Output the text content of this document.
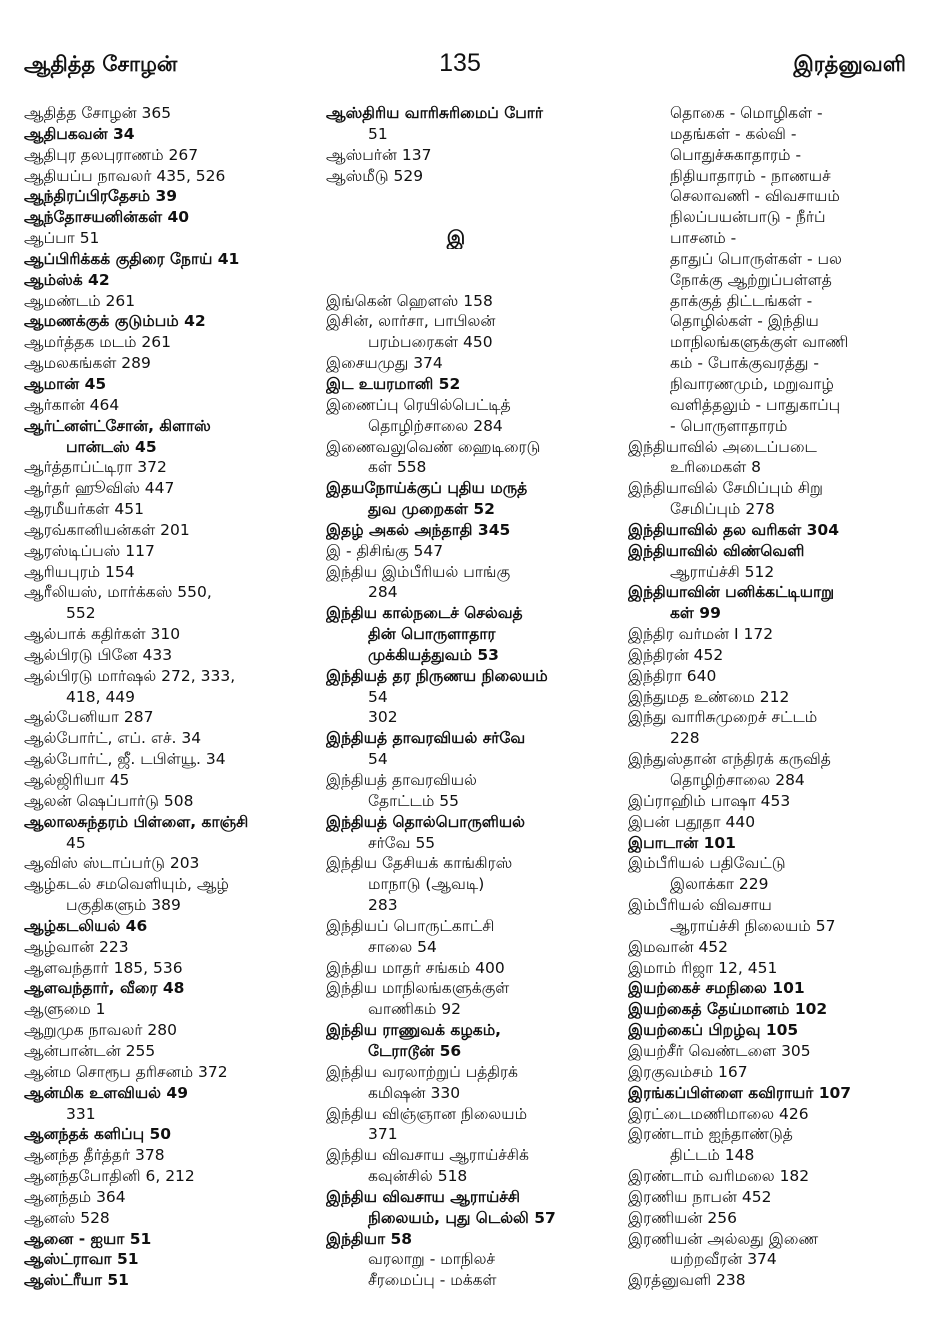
ஆதித்த சோழன்	135	இரத்னுவளி
ஆதித்த சோழன் 365
ஆதிபகவன் 34
ஆதிபுர தலபுராணம் 267
ஆதியப்ப நாவலர் 435, 526
ஆந்திரப்பிரதேசம் 39
ஆந்தோசயனின்கள் 40
ஆப்பா 51
ஆப்பிரிக்கக் குதிரை நோய் 41
ஆம்ஸ்க் 42
ஆமண்டம் 261
ஆமணக்குக் குடும்பம் 42
ஆமர்த்தக மடம் 261
ஆமலகங்கள் 289
ஆமான் 45
ஆர்கான் 464
ஆர்ட்னள்ட்சோன், கிளாஸ்
பான்டஸ் 45
ஆர்த்தாப்ட்டிரா 372
ஆர்தர் ஹூவிஸ் 447
ஆரமீயர்கள் 451
ஆரவ்கானியன்கள் 201
ஆரஸ்டிப்பஸ் 117
ஆரியபுரம் 154
ஆரீலியஸ், மார்க்கஸ் 550,
552
ஆல்பாக் கதிர்கள் 310
ஆல்பிரடு பினே 433
ஆல்பிரடு மார்ஷல் 272, 333,
418, 449
ஆல்பேனியா 287
ஆல்போர்ட், எப். எச். 34
ஆல்போர்ட், ஜீ. டபிள்யூ. 34
ஆல்ஜிரியா 45
ஆலன் ஷெப்பார்டு 508
ஆலாலசுந்தரம் பிள்ளை, காஞ்சி
45
ஆவிஸ் ஸ்டாப்பர்டு 203
ஆழ்கடல் சமவெளியும், ஆழ்
பகுதிகளும் 389
ஆழ்கடலியல் 46
ஆழ்வான் 223
ஆளவந்தார் 185, 536
ஆளவந்தார், வீரை 48
ஆளுமை 1
ஆறுமுக நாவலர் 280
ஆன்பான்டன் 255
ஆன்ம சொரூப தரிசனம் 372
ஆன்மிக உளவியல் 49
331
ஆனந்தக் களிப்பு 50
ஆனந்த தீர்த்தர் 378
ஆனந்தபோதினி 6, 212
ஆனந்தம் 364
ஆனஸ் 528
ஆனை - ஐயா 51
ஆஸ்ட்ராவா 51
ஆஸ்ட்ரீயா 51
ஆஸ்திரிய வாரிசுரிமைப் போர்
51
ஆஸ்பர்ன் 137
ஆஸ்மீடு 529
இ
இங்கென் ஹௌஸ் 158
இசின், லார்சா, பாபிலன்
பரம்பரைகள் 450
இசையமுது 374
இட உயரமானி 52
இணைப்பு ரெயில்பெட்டித்
தொழிற்சாலை 284
இணைவலுவெண் ஹைடிரைடு
கள் 558
இதயநோய்க்குப் புதிய மருத்
துவ முறைகள் 52
இதழ் அகல் அந்தாதி 345
இ - திசிங்கு 547
இந்திய இம்பீரியல் பாங்கு
284
இந்திய கால்நடைச் செல்வத்
தின் பொருளாதார
முக்கியத்துவம் 53
இந்தியத் தர நிருணய நிலையம்
54
302
இந்தியத் தாவரவியல் சர்வே
54
இந்தியத் தாவரவியல்
தோட்டம் 55
இந்தியத் தொல்பொருளியல்
சர்வே 55
இந்திய தேசியக் காங்கிரஸ்
மாநாடு (ஆவடி)
283
இந்தியப் பொருட்காட்சி
சாலை 54
இந்திய மாதர் சங்கம் 400
இந்திய மாநிலங்களுக்குள்
வாணிகம் 92
இந்திய ராணுவக் கழகம்,
டேராடூன் 56
இந்திய வரலாற்றுப் பத்திரக்
கமிஷன் 330
இந்திய விஞ்ஞான நிலையம்
371
இந்திய விவசாய ஆராய்ச்சிக்
கவுன்சில் 518
இந்திய விவசாய ஆராய்ச்சி
நிலையம், புது டெல்லி 57
இந்தியா 58
வரலாறு - மாநிலச்
சீரமைப்பு - மக்கள்
தொகை - மொழிகள் -
மதங்கள் - கல்வி -
பொதுச்சுகாதாரம் -
நிதியாதாரம் - நாணயச்
செலாவணி - விவசாயம்
நிலப்பயன்பாடு - நீர்ப்
பாசனம் -
தாதுப் பொருள்கள் - பல
நோக்கு ஆற்றுப்பள்ளத்
தாக்குத் திட்டங்கள் -
தொழில்கள் - இந்திய
மாநிலங்களுக்குள் வாணி
கம் - போக்குவரத்து -
நிவாரணமும், மறுவாழ்
வளித்தலும் - பாதுகாப்பு
- பொருளாதாரம்
இந்தியாவில் அடைப்படை
உரிமைகள் 8
இந்தியாவில் சேமிப்பும் சிறு
சேமிப்பும் 278
இந்தியாவில் தல வரிகள் 304
இந்தியாவில் விண்வெளி
ஆராய்ச்சி 512
இந்தியாவின் பனிக்கட்டியாறு
கள் 99
இந்திர வர்மன் I 172
இந்திரன் 452
இந்திரா 640
இந்துமத உண்மை 212
இந்து வாரிசுமுறைச் சட்டம்
228
இந்துஸ்தான் எந்திரக் கருவித்
தொழிற்சாலை 284
இப்ராஹிம் பாஷா 453
இபன் பதூதா 440
இபாடான் 101
இம்பீரியல் பதிவேட்டு
இலாக்கா 229
இம்பீரியல் விவசாய
ஆராய்ச்சி நிலையம் 57
இமவான் 452
இமாம் ரிஜா 12, 451
இயற்கைச் சமநிலை 101
இயற்கைத் தேய்மானம் 102
இயற்கைப் பிறழ்வு 105
இயற்சீர் வெண்டளை 305
இரகுவம்சம் 167
இரங்கப்பிள்ளை கவிராயர் 107
இரட்டைமணிமாலை 426
இரண்டாம் ஐந்தாண்டுத்
திட்டம் 148
இரண்டாம் வரிமலை 182
இரணிய நாபன் 452
இரணியன் 256
இரணியன் அல்லது இணை
யற்றவீரன் 374
இரத்னுவளி 238
